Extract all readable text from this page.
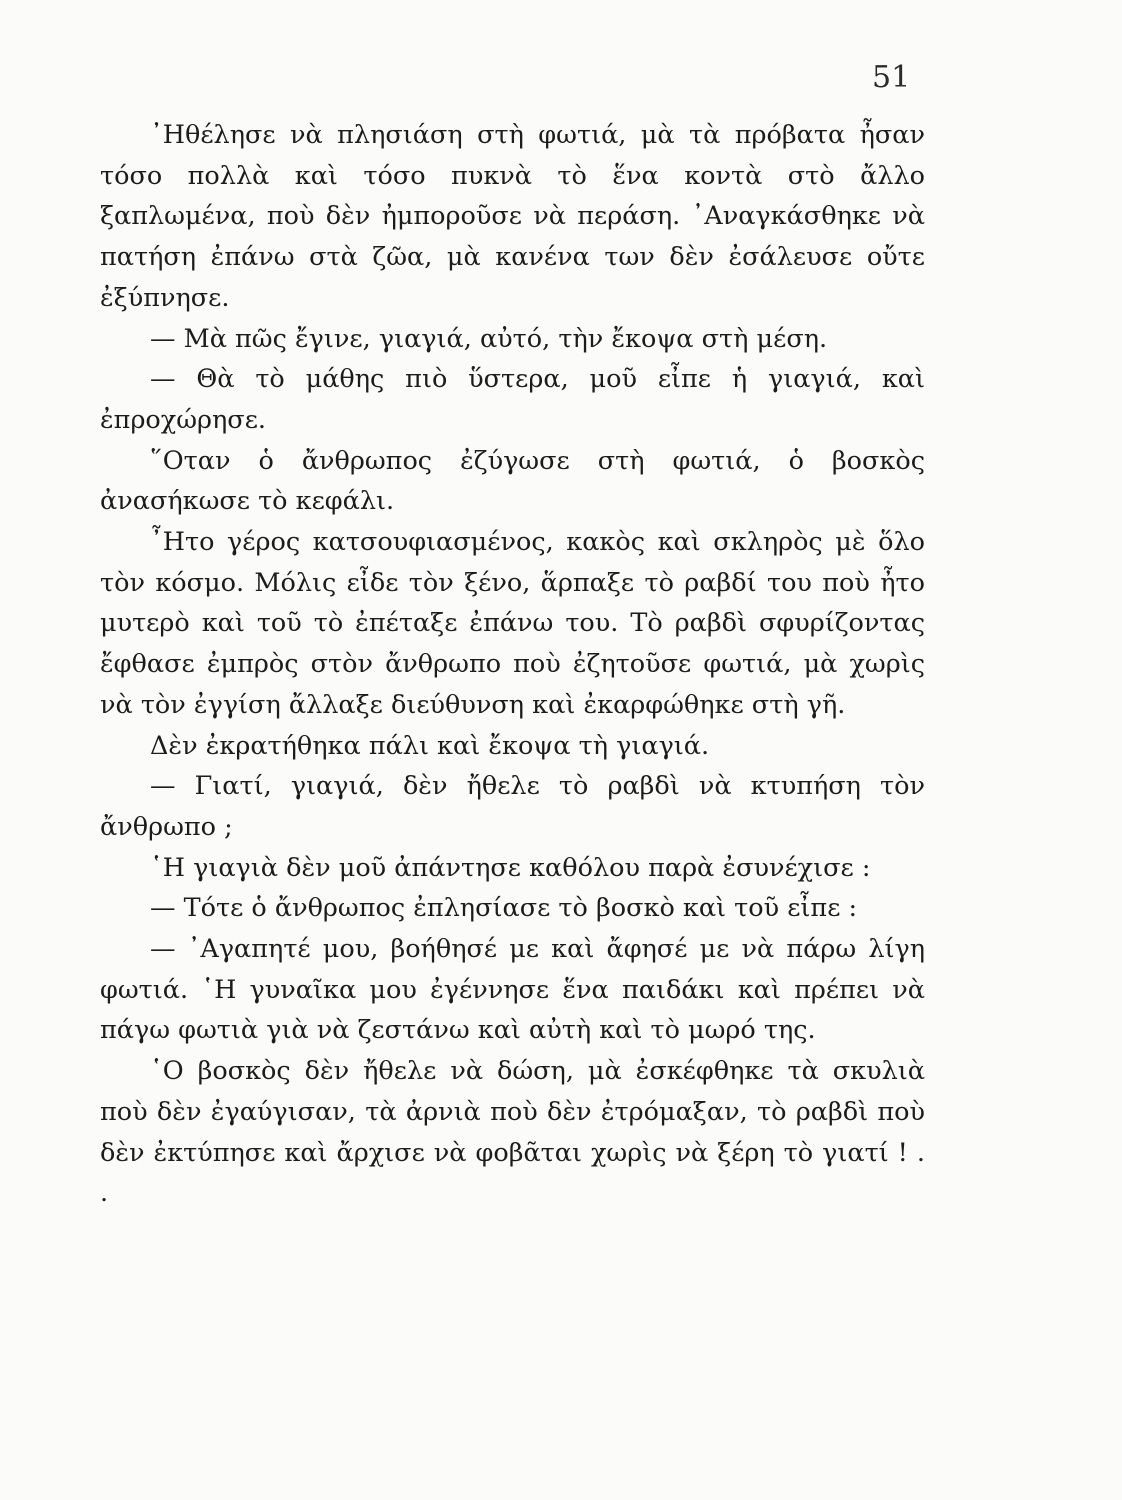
51

᾿Ηθέλησε νὰ πλησιάση στὴ φωτιά, μὰ τὰ πρόβατα ἦσαν τόσο πολλὰ καὶ τόσο πυκνὰ τὸ ἕνα κοντὰ στὸ ἄλλο ξαπλωμένα, ποὺ δὲν ἠμποροῦσε νὰ περάση. ᾿Αναγκάσθηκε νὰ πατήση ἐπάνω στὰ ζῶα, μὰ κανένα των δὲν ἐσάλευσε οὔτε ἐξύπνησε.

— Μὰ πῶς ἔγινε, γιαγιά, αὐτό, τὴν ἔκοψα στὴ μέση.

— Θὰ τὸ μάθης πιὸ ὕστερα, μοῦ εἶπε ἡ γιαγιά, καὶ ἐπροχώρησε.

῞Οταν ὁ ἄνθρωπος ἐζύγωσε στὴ φωτιά, ὁ βοσκὸς ἀνασήκωσε τὸ κεφάλι.

῏Ητο γέρος κατσουφιασμένος, κακὸς καὶ σκληρὸς μὲ ὅλο τὸν κόσμο. Μόλις εἶδε τὸν ξένο, ἅρπαξε τὸ ραβδί του ποὺ ἦτο μυτερὸ καὶ τοῦ τὸ ἐπέταξε ἐπάνω του. Τὸ ραβδὶ σφυρίζοντας ἔφθασε ἐμπρὸς στὸν ἄνθρωπο ποὺ ἐζητοῦσε φωτιά, μὰ χωρὶς νὰ τὸν ἐγγίση ἄλλαξε διεύθυνση καὶ ἐκαρφώθηκε στὴ γῆ.

Δὲν ἐκρατήθηκα πάλι καὶ ἔκοψα τὴ γιαγιά.

— Γιατί, γιαγιά, δὲν ἤθελε τὸ ραβδὶ νὰ κτυπήση τὸν ἄνθρωπο ;

῾Η γιαγιὰ δὲν μοῦ ἀπάντησε καθόλου παρὰ ἐσυνέχισε :

— Τότε ὁ ἄνθρωπος ἐπλησίασε τὸ βοσκὸ καὶ τοῦ εἶπε :

— ᾿Αγαπητέ μου, βοήθησέ με καὶ ἄφησέ με νὰ πάρω λίγη φωτιά. ῾Η γυναῖκα μου ἐγέννησε ἕνα παιδάκι καὶ πρέπει νὰ πάγω φωτιὰ γιὰ νὰ ζεστάνω καὶ αὐτὴ καὶ τὸ μωρό της.

῾Ο βοσκὸς δὲν ἤθελε νὰ δώση, μὰ ἐσκέφθηκε τὰ σκυλιὰ ποὺ δὲν ἐγαύγισαν, τὰ ἀρνιὰ ποὺ δὲν ἐτρόμαξαν, τὸ ραβδὶ ποὺ δὲν ἐκτύπησε καὶ ἄρχισε νὰ φοβᾶται χωρὶς νὰ ξέρη τὸ γιατί ! . .
